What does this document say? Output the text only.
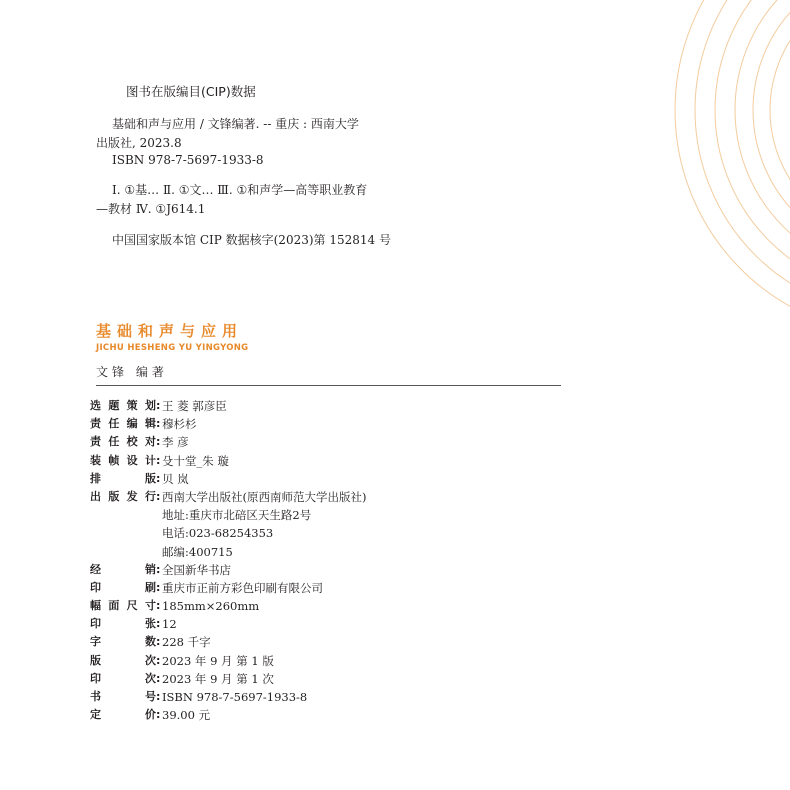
图书在版编目(CIP)数据
基础和声与应用 / 文锋编著. -- 重庆 : 西南大学
出版社, 2023.8
ISBN 978-7-5697-1933-8
Ⅰ. ①基… Ⅱ. ①文… Ⅲ. ①和声学—高等职业教育
—教材 Ⅳ. ①J614.1
中国国家版本馆 CIP 数据核字(2023)第 152814 号
基础和声与应用
JICHU HESHENG YU YINGYONG
文锋 编著
选题策划 : 王 菱 郭彦臣
责任编辑 : 穆杉杉
责任校对 : 李 彦
装帧设计 : 殳十堂_朱 璇
排版 : 贝 岚
出版发行 : 西南大学出版社(原西南师范大学出版社)
地址:重庆市北碚区天生路2号
电话:023-68254353
邮编:400715
经销 : 全国新华书店
印刷 : 重庆市正前方彩色印刷有限公司
幅面尺寸 : 185mm×260mm
印张 : 12
字数 : 228 千字
版次 : 2023 年 9 月 第 1 版
印次 : 2023 年 9 月 第 1 次
书号 : ISBN 978-7-5697-1933-8
定价 : 39.00 元
